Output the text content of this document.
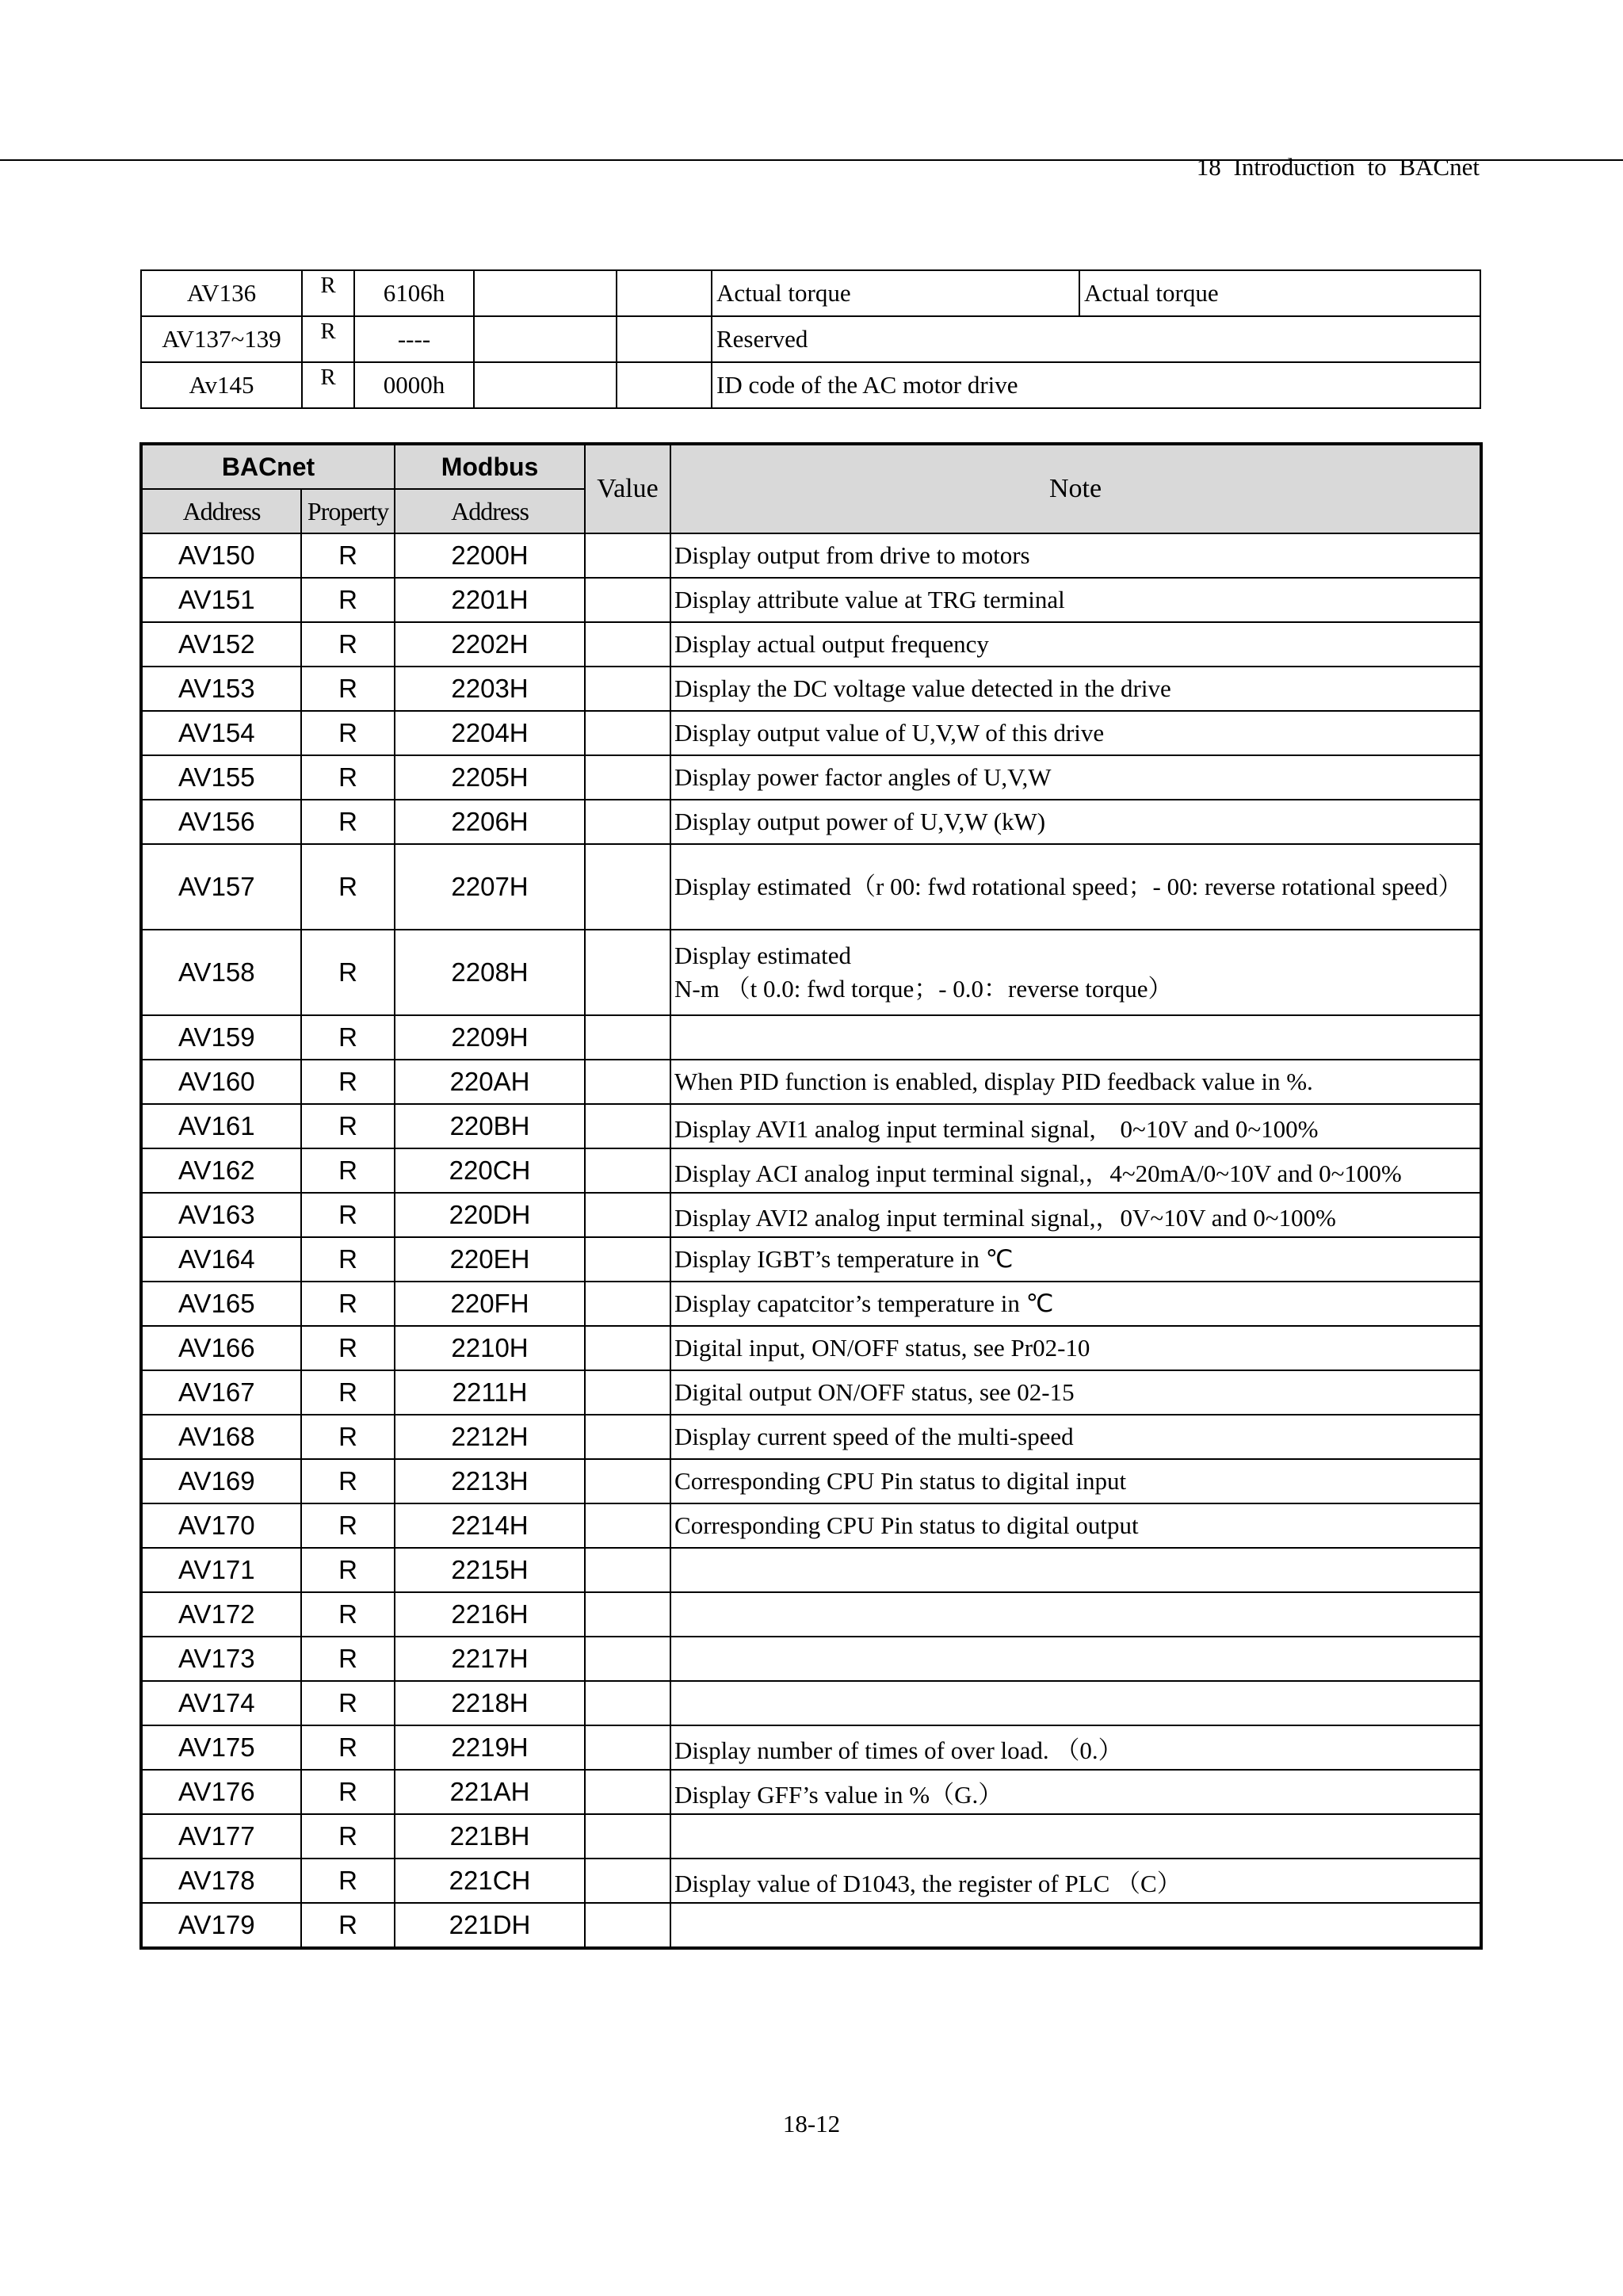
18 Introduction to BACnet
AV136	R	6106h			Actual torque	Actual torque
AV137~139	R	----			Reserved	
Av145	R	0000h			ID code of the AC motor drive	
BACnet		Modbus	Value	Note
Address	Property	Address		
AV150	R	2200H		Display output from drive to motors
AV151	R	2201H		Display attribute value at TRG terminal
AV152	R	2202H		Display actual output frequency
AV153	R	2203H		Display the DC voltage value detected in the drive
AV154	R	2204H		Display output value of U,V,W of this drive
AV155	R	2205H		Display power factor angles of U,V,W
AV156	R	2206H		Display output power of U,V,W (kW)
AV157	R	2207H		Display estimated（r 00: fwd rotational speed；- 00: reverse rotational speed）
AV158	R	2208H		Display estimated
N-m （t 0.0: fwd torque；- 0.0：reverse torque）

AV159	R	2209H		
AV160	R	220AH		When PID function is enabled, display PID feedback value in %.
AV161	R	220BH		Display AVI1 analog input terminal signal,　0~10V and 0~100%
AV162	R	220CH		Display ACI analog input terminal signal,，4~20mA/0~10V and 0~100%
AV163	R	220DH		Display AVI2 analog input terminal signal,，0V~10V and 0~100%
AV164	R	220EH		Display IGBT’s temperature in ℃
AV165	R	220FH		Display capatcitor’s temperature in ℃
AV166	R	2210H		Digital input, ON/OFF status, see Pr02-10
AV167	R	2211H		Digital output ON/OFF status, see 02-15
AV168	R	2212H		Display current speed of the multi-speed
AV169	R	2213H		Corresponding CPU Pin status to digital input
AV170	R	2214H		Corresponding CPU Pin status to digital output
AV171	R	2215H		
AV172	R	2216H		
AV173	R	2217H		
AV174	R	2218H		
AV175	R	2219H		Display number of times of over load. （0.）
AV176	R	221AH		Display GFF’s value in %（G.）
AV177	R	221BH		
AV178	R	221CH		Display value of D1043, the register of PLC （C）
AV179	R	221DH		
18-12
